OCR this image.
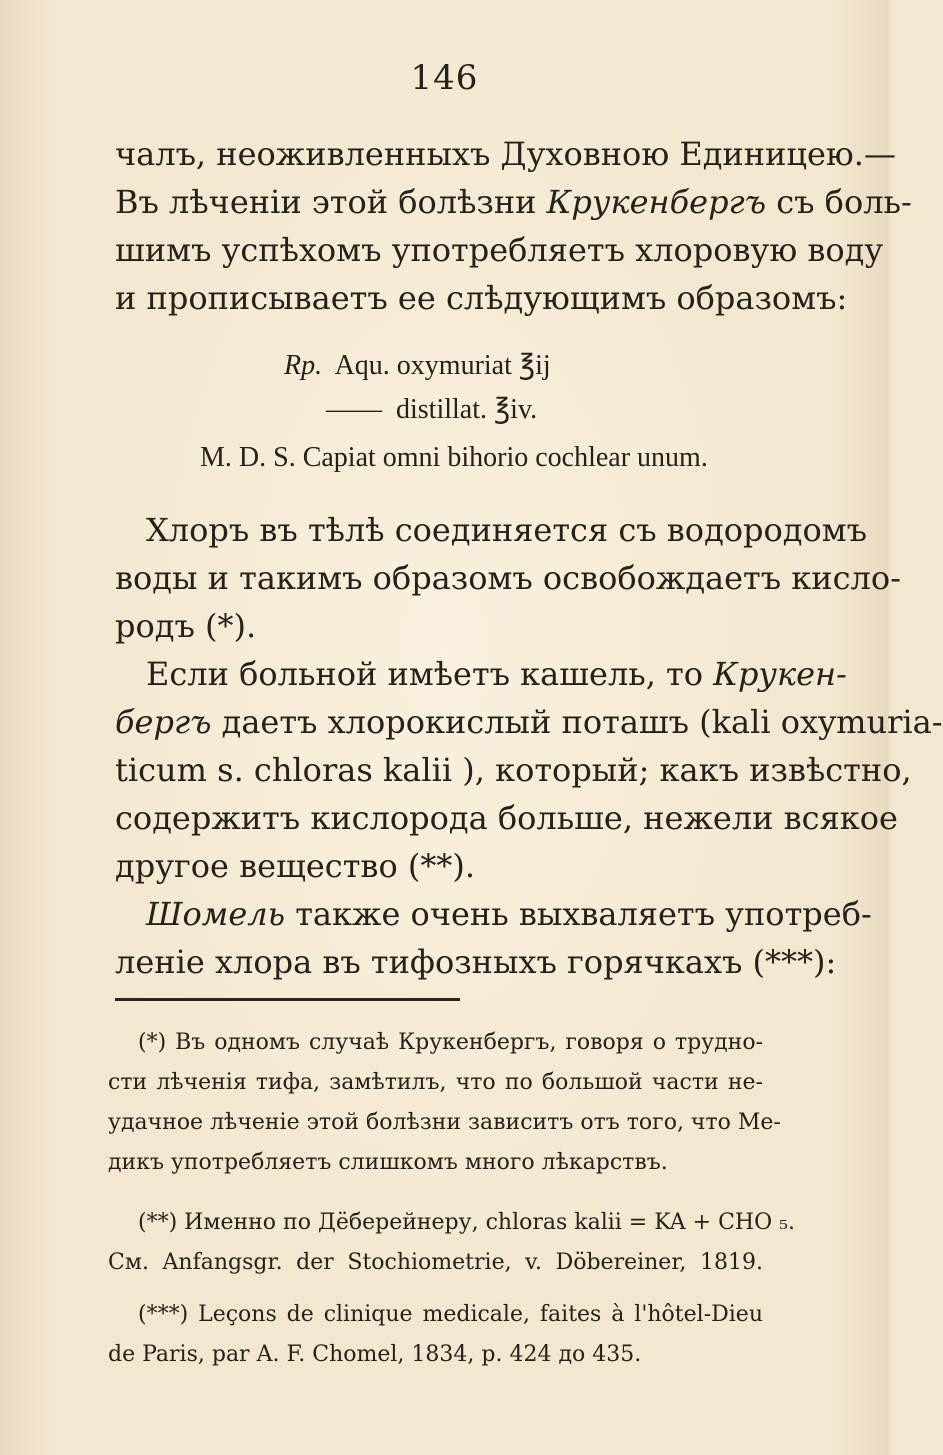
146
чалъ, неоживленныхъ Духовною Единицею.—
Въ лѣченіи этой болѣзни Крукенбергъ съ боль-
шимъ успѣхомъ употребляетъ хлоровую воду
и прописываетъ ее слѣдующимъ образомъ:
Rp. Aqu. oxymuriat ℥ij
—— distillat. ℥iv.
M. D. S. Capiat omni bihorio cochlear unum.
Хлоръ въ тѣлѣ соединяется съ водородомъ
воды и такимъ образомъ освобождаетъ кисло-
родъ (*).
Если больной имѣетъ кашель, то Крукен-
бергъ даетъ хлорокислый поташъ (kali oxymuria-
ticum s. chloras kalii ), который; какъ извѣстно,
содержитъ кислорода больше, нежели всякое
другое вещество (**).
Шомель также очень выхваляетъ употреб-
леніе хлора въ тифозныхъ горячкахъ (***):
(*) Въ одномъ случаѣ Крукенбергъ, говоря о трудно-
сти лѣченія тифа, замѣтилъ, что по большой части не-
удачное лѣченіе этой болѣзни зависитъ отъ того, что Ме-
дикъ употребляетъ слишкомъ много лѣкарствъ.
(**) Именно по Дёберейнеру, chloras kalii = KA + CHO ₅.
См. Anfangsgr. der Stochiometrie, v. Döbereiner, 1819.
(***) Leçons de clinique medicale, faites à l'hôtel-Dieu
de Paris, par A. F. Chomel, 1834, p. 424 до 435.
